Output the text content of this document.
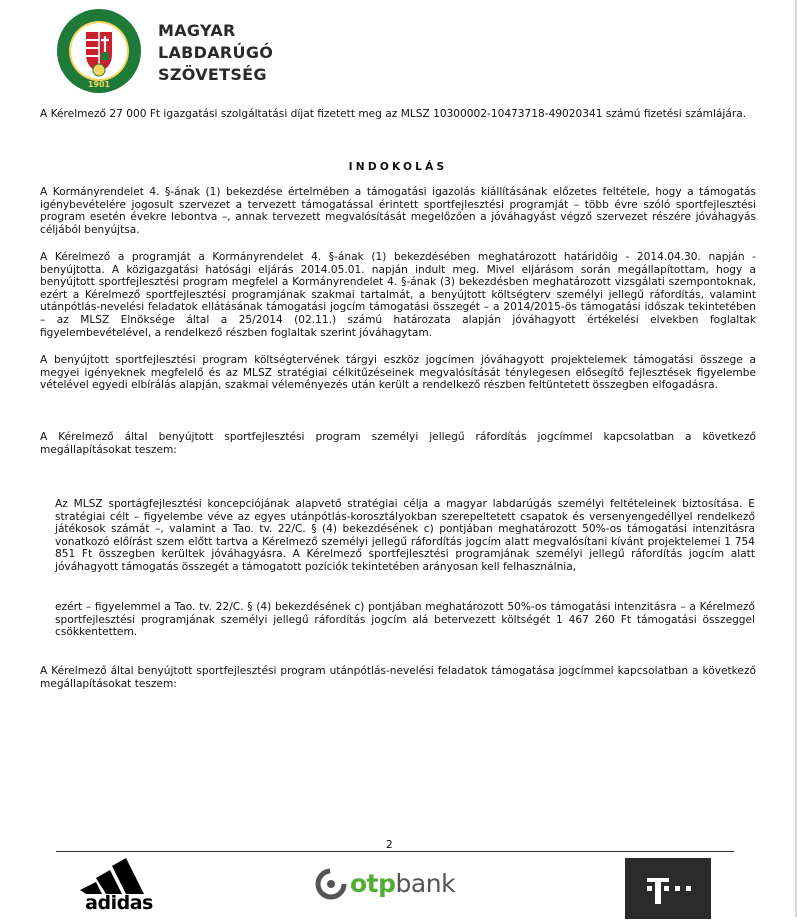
1901
MAGYAR
LABDARÚGÓ
SZÖVETSÉG
A Kérelmező 27 000 Ft igazgatási szolgáltatási díjat fizetett meg az MLSZ 10300002-10473718-49020341 számú fizetési számlájára.
INDOKOLÁS
A Kormányrendelet 4. §-ának (1) bekezdése értelmében a támogatási igazolás kiállításának előzetes feltétele, hogy a támogatás igénybevételére jogosult szervezet a tervezett támogatással érintett sportfejlesztési programját – több évre szóló sportfejlesztési program esetén évekre lebontva –, annak tervezett megvalósítását megelőzően a jóváhagyást végző szervezet részére jóváhagyás céljából benyújtsa.
A Kérelmező a programját a Kormányrendelet 4. §-ának (1) bekezdésében meghatározott határidőig - 2014.04.30. napján - benyújtotta. A közigazgatási hatósági eljárás 2014.05.01. napján indult meg. Mivel eljárásom során megállapítottam, hogy a benyújtott sportfejlesztési program megfelel a Kormányrendelet 4. §-ának (3) bekezdésben meghatározott vizsgálati szempontoknak, ezért a Kérelmező sportfejlesztési programjának szakmai tartalmát, a benyújtott költségterv személyi jellegű ráfordítás, valamint utánpótlás-nevelési feladatok ellátásának támogatási jogcím támogatási összegét – a 2014/2015-ös támogatási időszak tekintetében – az MLSZ Elnöksége által a 25/2014 (02.11.) számú határozata alapján jóváhagyott értékelési elvekben foglaltak figyelembevételével, a rendelkező részben foglaltak szerint jóváhagytam.
A benyújtott sportfejlesztési program költségtervének tárgyi eszköz jogcímen jóváhagyott projektelemek támogatási összege a megyei igényeknek megfelelő és az MLSZ stratégiai célkitűzéseinek megvalósítását ténylegesen elősegítő fejlesztések figyelembe vételével egyedi elbírálás alapján, szakmai véleményezés után került a rendelkező részben feltüntetett összegben elfogadásra.
A Kérelmező által benyújtott sportfejlesztési program személyi jellegű ráfordítás jogcímmel kapcsolatban a következő megállapításokat teszem:
Az MLSZ sportágfejlesztési koncepciójának alapvető stratégiai célja a magyar labdarúgás személyi feltételeinek biztosítása. E stratégiai célt – figyelembe véve az egyes utánpótlás-korosztályokban szerepeltetett csapatok és versenyengedéllyel rendelkező játékosok számát –, valamint a Tao. tv. 22/C. § (4) bekezdésének c) pontjában meghatározott 50%-os támogatási intenzitásra vonatkozó előírást szem előtt tartva a Kérelmező személyi jellegű ráfordítás jogcím alatt megvalósítani kívánt projektelemei 1 754 851 Ft összegben kerültek jóváhagyásra. A Kérelmező sportfejlesztési programjának személyi jellegű ráfordítás jogcím alatt jóváhagyott támogatás összegét a támogatott pozíciók tekintetében arányosan kell felhasználnia,
ezért – figyelemmel a Tao. tv. 22/C. § (4) bekezdésének c) pontjában meghatározott 50%-os támogatási intenzitásra – a Kérelmező sportfejlesztési programjának személyi jellegű ráfordítás jogcím alá betervezett költségét 1 467 260 Ft támogatási összeggel csökkentettem.
A Kérelmező által benyújtott sportfejlesztési program utánpótlás-nevelési feladatok támogatása jogcímmel kapcsolatban a következő megállapításokat teszem:
2
adidas
otpbank
